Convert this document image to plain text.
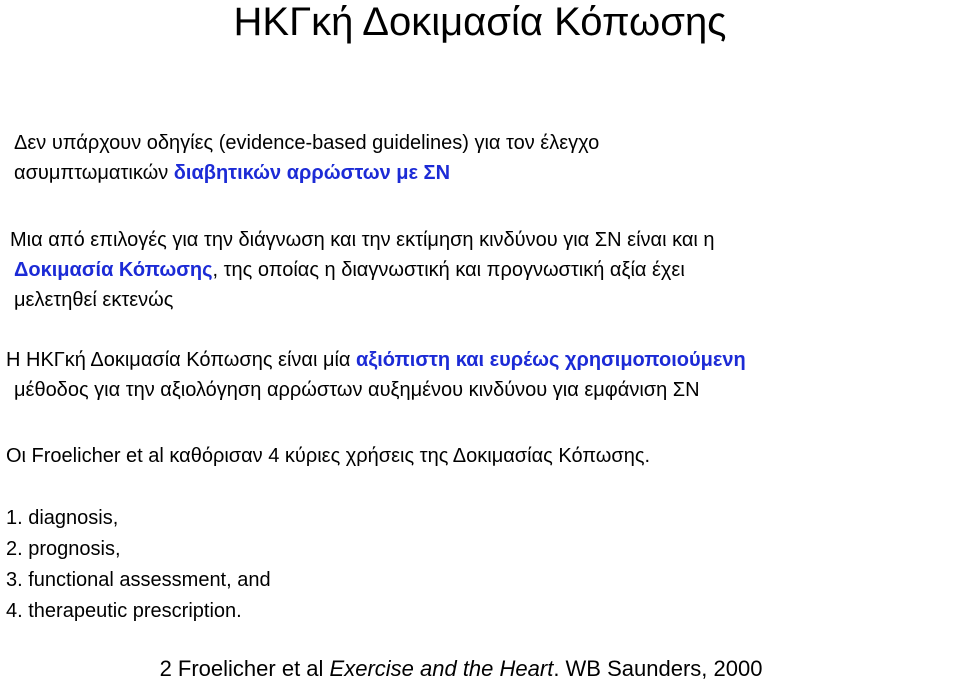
ΗΚΓκή Δοκιμασία Κόπωσης
Δεν υπάρχουν οδηγίες (evidence-based guidelines) για τον έλεγχο
ασυμπτωματικών διαβητικών αρρώστων με ΣΝ
Μια από επιλογές για την διάγνωση και την εκτίμηση κινδύνου για ΣΝ είναι και η
Δοκιμασία Κόπωσης, της οποίας η διαγνωστική και προγνωστική αξία έχει
μελετηθεί εκτενώς
Η ΗΚΓκή Δοκιμασία Κόπωσης είναι μία αξιόπιστη και ευρέως χρησιμοποιούμενη
μέθοδος για την αξιολόγηση αρρώστων αυξημένου κινδύνου για εμφάνιση ΣΝ
Οι Froelicher et al καθόρισαν 4 κύριες χρήσεις της Δοκιμασίας Κόπωσης.
1. diagnosis,
2. prognosis,
3. functional assessment, and
4. therapeutic prescription.
2 Froelicher et al Exercise and the Heart. WB Saunders, 2000
